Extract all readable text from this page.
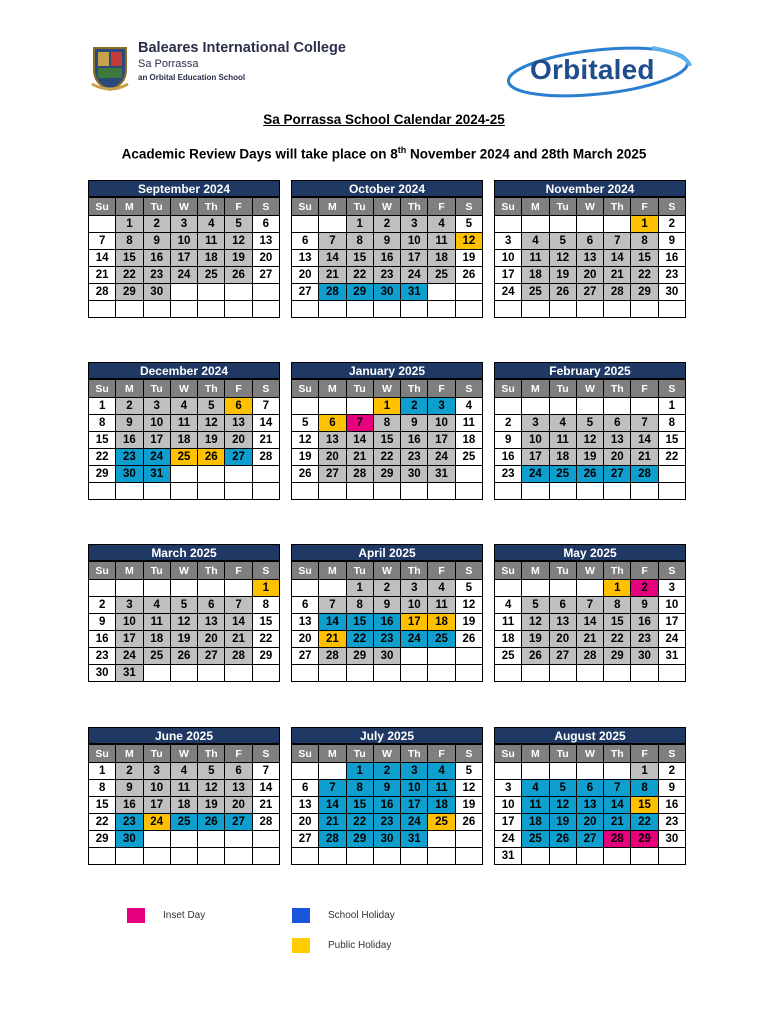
Baleares International College
Sa Porrassa
an Orbital Education School	Orbitaled
Sa Porrassa School Calendar 2024-25
Academic Review Days will take place on 8th November 2024 and 28th March 2025
September 2024
Su	M	Tu	W	Th	F	S
	1	2	3	4	5	6
7	8	9	10	11	12	13
14	15	16	17	18	19	20
21	22	23	24	25	26	27
28	29	30				

October 2024
Su	M	Tu	W	Th	F	S
		1	2	3	4	5
6	7	8	9	10	11	12
13	14	15	16	17	18	19
20	21	22	23	24	25	26
27	28	29	30	31		

November 2024
Su	M	Tu	W	Th	F	S
					1	2
3	4	5	6	7	8	9
10	11	12	13	14	15	16
17	18	19	20	21	22	23
24	25	26	27	28	29	30

December 2024
Su	M	Tu	W	Th	F	S
1	2	3	4	5	6	7
8	9	10	11	12	13	14
15	16	17	18	19	20	21
22	23	24	25	26	27	28
29	30	31				

January 2025
Su	M	Tu	W	Th	F	S
			1	2	3	4
5	6	7	8	9	10	11
12	13	14	15	16	17	18
19	20	21	22	23	24	25
26	27	28	29	30	31	

February 2025
Su	M	Tu	W	Th	F	S
						1
2	3	4	5	6	7	8
9	10	11	12	13	14	15
16	17	18	19	20	21	22
23	24	25	26	27	28	

March 2025
Su	M	Tu	W	Th	F	S
						1
2	3	4	5	6	7	8
9	10	11	12	13	14	15
16	17	18	19	20	21	22
23	24	25	26	27	28	29
30	31					
April 2025
Su	M	Tu	W	Th	F	S
		1	2	3	4	5
6	7	8	9	10	11	12
13	14	15	16	17	18	19
20	21	22	23	24	25	26
27	28	29	30			

May 2025
Su	M	Tu	W	Th	F	S
				1	2	3
4	5	6	7	8	9	10
11	12	13	14	15	16	17
18	19	20	21	22	23	24
25	26	27	28	29	30	31

June 2025
Su	M	Tu	W	Th	F	S
1	2	3	4	5	6	7
8	9	10	11	12	13	14
15	16	17	18	19	20	21
22	23	24	25	26	27	28
29	30					

July 2025
Su	M	Tu	W	Th	F	S
		1	2	3	4	5
6	7	8	9	10	11	12
13	14	15	16	17	18	19
20	21	22	23	24	25	26
27	28	29	30	31		

August 2025
Su	M	Tu	W	Th	F	S
					1	2
3	4	5	6	7	8	9
10	11	12	13	14	15	16
17	18	19	20	21	22	23
24	25	26	27	28	29	30
31						
Inset Day	School Holiday
Public Holiday
